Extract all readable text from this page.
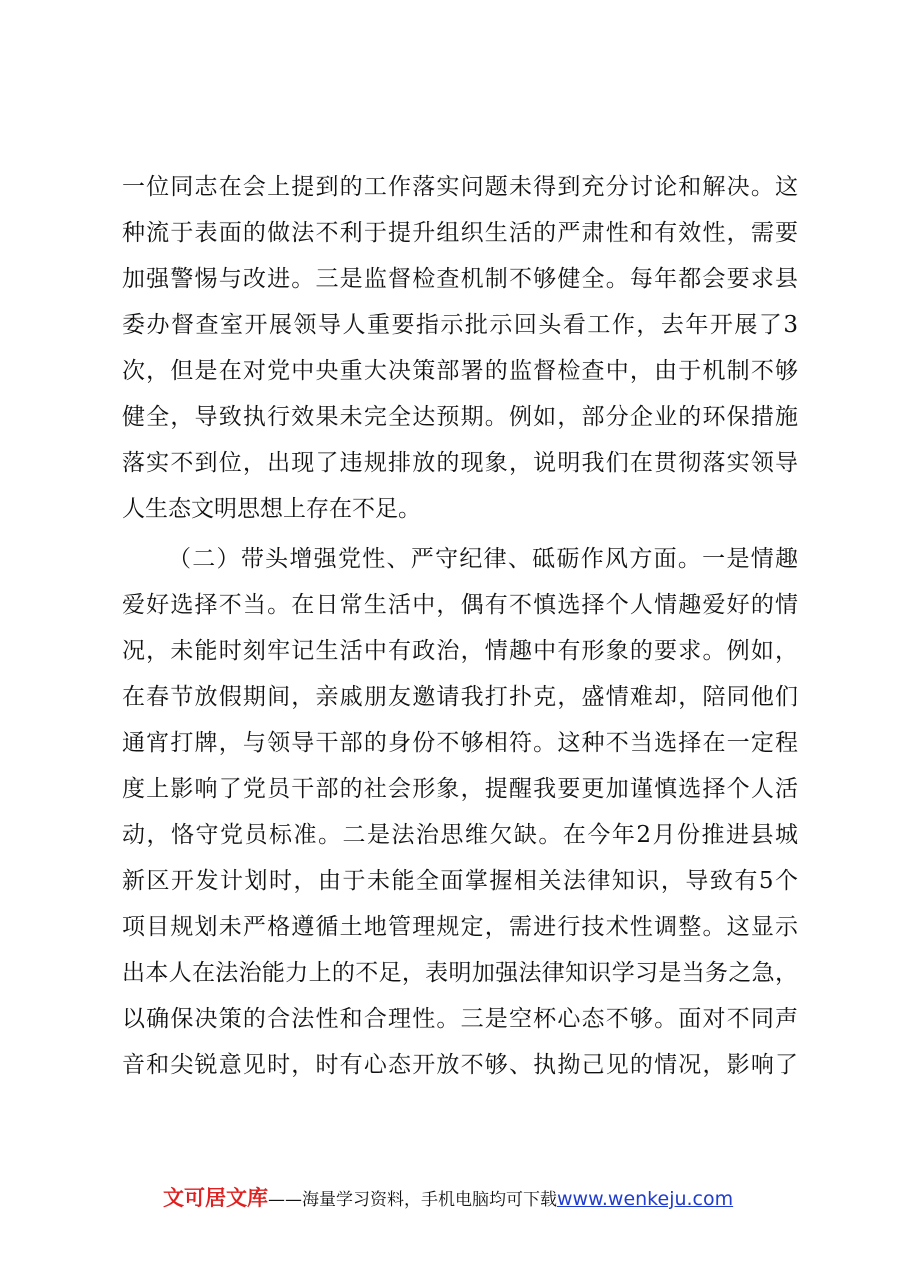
一位同志在会上提到的工作落实问题未得到充分讨论和解决。这
种流于表面的做法不利于提升组织生活的严肃性和有效性，需要
加强警惕与改进。三是监督检查机制不够健全。每年都会要求县
委办督查室开展领导人重要指示批示回头看工作，去年开展了3
次，但是在对党中央重大决策部署的监督检查中，由于机制不够
健全，导致执行效果未完全达预期。例如，部分企业的环保措施
落实不到位，出现了违规排放的现象，说明我们在贯彻落实领导
人生态文明思想上存在不足。
（二）带头增强党性、严守纪律、砥砺作风方面。一是情趣
爱好选择不当。在日常生活中，偶有不慎选择个人情趣爱好的情
况，未能时刻牢记生活中有政治，情趣中有形象的要求。例如，
在春节放假期间，亲戚朋友邀请我打扑克，盛情难却，陪同他们
通宵打牌，与领导干部的身份不够相符。这种不当选择在一定程
度上影响了党员干部的社会形象，提醒我要更加谨慎选择个人活
动，恪守党员标准。二是法治思维欠缺。在今年2月份推进县城
新区开发计划时，由于未能全面掌握相关法律知识，导致有5个
项目规划未严格遵循土地管理规定，需进行技术性调整。这显示
出本人在法治能力上的不足，表明加强法律知识学习是当务之急，
以确保决策的合法性和合理性。三是空杯心态不够。面对不同声
音和尖锐意见时，时有心态开放不够、执拗己见的情况，影响了
文可居文库——海量学习资料，手机电脑均可下载www.wenkeju.com
